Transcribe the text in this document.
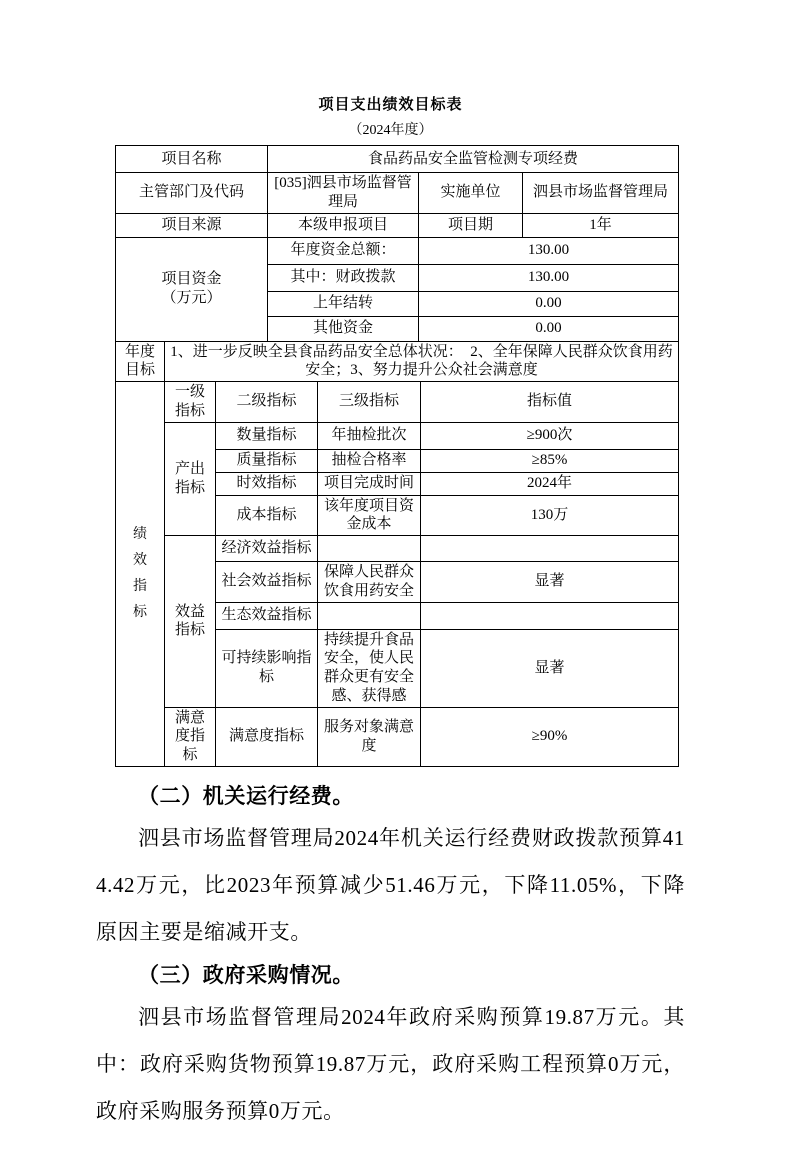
项目支出绩效目标表
（2024年度）
项目名称	食品药品安全监管检测专项经费		
主管部门及代码	[035]泗县市场监督管理局	实施单位	泗县市场监督管理局
项目来源	本级申报项目	项目期	1年

项目资金
（万元）	年度资金总额：	130.00	
	其中：财政拨款	130.00	
	上年结转	0.00	
	其他资金	0.00	
年度目标	1、进一步反映全县食品药品安全总体状况：　2、全年保障人民群众饮食用药安全；3、努力提升公众社会满意度
绩效指标	一级指标	二级指标	三级指标	指标值
	产出指标	数量指标	年抽检批次	≥900次
		质量指标	抽检合格率	≥85%
		时效指标	项目完成时间	2024年
		成本指标	该年度项目资金成本	130万
	效益指标	经济效益指标		
		社会效益指标	保障人民群众饮食用药安全	显著
		生态效益指标		
		可持续影响指标	持续提升食品安全，使人民群众更有安全感、获得感	显著
	满意度指标	满意度指标	服务对象满意度	≥90%
（二）机关运行经费。

泗县市场监督管理局2024年机关运行经费财政拨款预算414.42万元，比2023年预算减少51.46万元，下降11.05%，下降原因主要是缩减开支。

（三）政府采购情况。

泗县市场监督管理局2024年政府采购预算19.87万元。其中：政府采购货物预算19.87万元，政府采购工程预算0万元，政府采购服务预算0万元。
